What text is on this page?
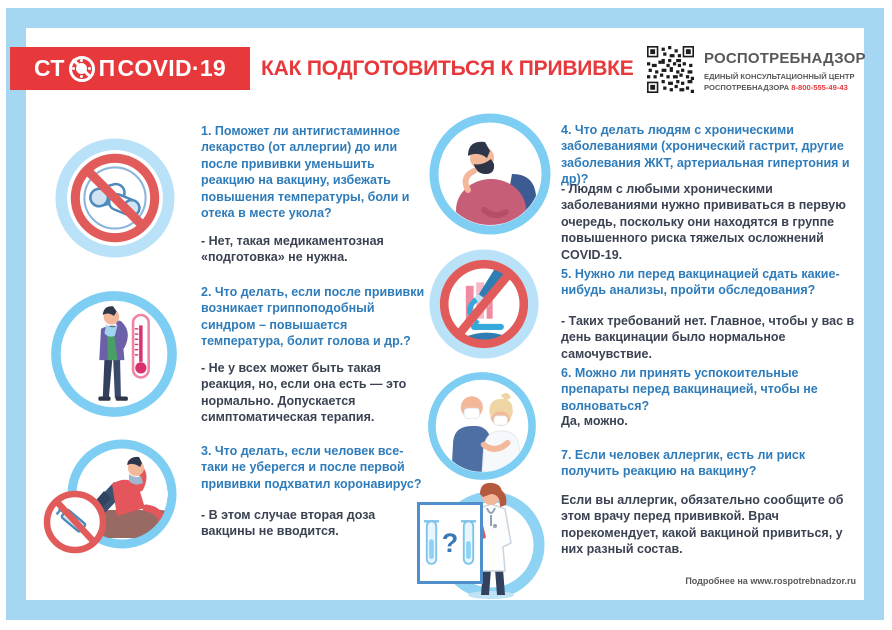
СТ П COVID·19 КАК ПОДГОТОВИТЬСЯ К ПРИВИВКЕ	РОСПОТРЕБНАДЗОР
ЕДИНЫЙ КОНСУЛЬТАЦИОННЫЙ ЦЕНТР
РОСПОТРЕБНАДЗОРА 8-800-555-49-43
?
1. Поможет ли антигистаминное лекарство (от аллергии) до или после прививки уменьшить реакцию на вакцину, избежать повышения температуры, боли и отека в месте укола?
- Нет, такая медикаментозная «подготовка» не нужна.
2. Что делать, если после прививки возникает гриппоподобный синдром – повышается температура, болит голова и др.?
- Не у всех может быть такая реакция, но, если она есть — это нормально. Допускается симптоматическая терапия.
3. Что делать, если человек все-таки не уберегся и после первой прививки подхватил коронавирус?
- В этом случае вторая доза вакцины не вводится.
4. Что делать людям с хроническими заболеваниями (хронический гастрит, другие заболевания ЖКТ, артериальная гипертония и др)?
- Людям с любыми хроническими заболеваниями нужно прививаться в первую очередь, поскольку они находятся в группе повышенного риска тяжелых осложнений COVID-19.
5. Нужно ли перед вакцинацией сдать какие-нибудь анализы, пройти обследования?
- Таких требований нет. Главное, чтобы у вас в день вакцинации было нормальное самочувствие.
6. Можно ли принять успокоительные препараты перед вакцинацией, чтобы не волноваться?
Да, можно.
7. Если человек аллергик, есть ли риск получить реакцию на вакцину?
Если вы аллергик, обязательно сообщите об этом врачу перед прививкой. Врач порекомендует, какой вакциной привиться, у них разный состав.
Подробнее на www.rospotrebnadzor.ru
